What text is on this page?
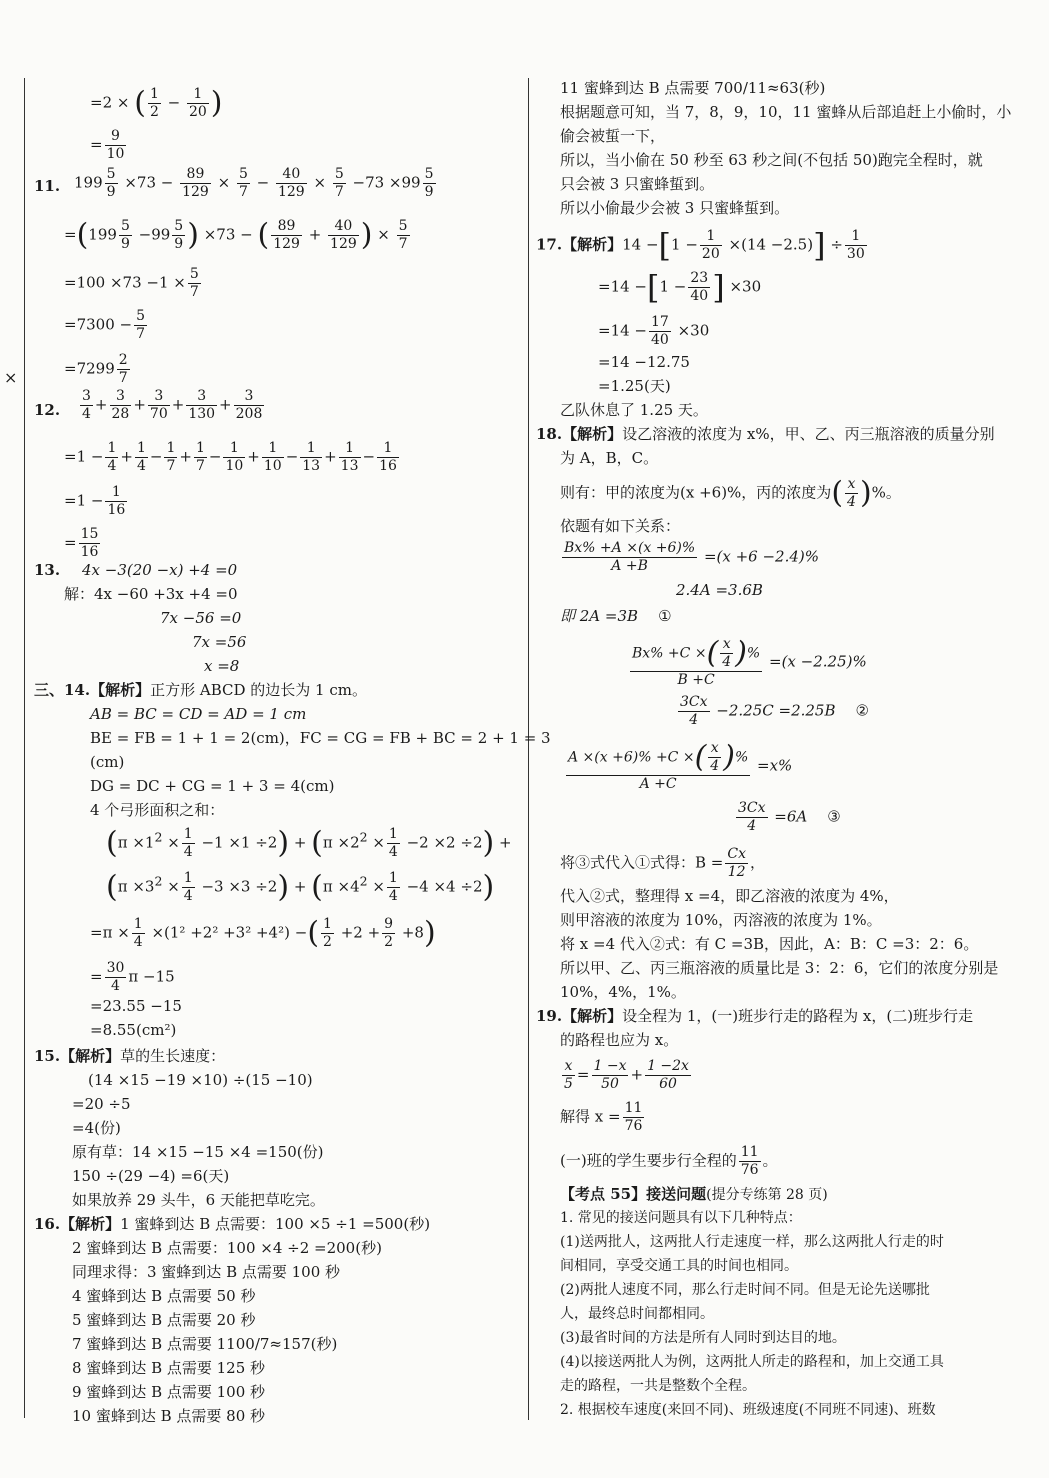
×
=2 × ( $\frac{1}{2} - \frac{1}{20}$ )
= $\frac{9}{10}$
11. $199 \frac{5}{9} \times 73 - \frac{89}{129} \times \frac{5}{7} - \frac{40}{129} \times \frac{5}{7} -73 \times 99 \frac{5}{9}$
$=(199 \frac{5}{9} -99 \frac{5}{9}$ ) ×73 − ( $\frac{89}{129} + \frac{40}{129}$ ) × $\frac{5}{7}$
$=100 \times 73 -1 \times \frac{5}{7}$
$=7300 - \frac{5}{7}$
$=7299 \frac{2}{7}$
12. $\frac{3}{4} + \frac{3}{28} + \frac{3}{70} + \frac{3}{130} + \frac{3}{208}$
$=1 - \frac{1}{4} + \frac{1}{4} - \frac{1}{7} + \frac{1}{7} - \frac{1}{10} + \frac{1}{10} - \frac{1}{13} + \frac{1}{13} - \frac{1}{16}$
$=1 - \frac{1}{16}$
= $\frac{15}{16}$
13. 4x −3(20 −x) +4 =0
解：4x −60 +3x +4 =0
7x −56 =0
7x =56
x =8
三、14.【解析】正方形 ABCD 的边长为 1 cm。
AB = BC = CD = AD = 1 cm
BE = FB = 1 + 1 = 2(cm)，FC = CG = FB + BC = 2 + 1 = 3
(cm)
DG = DC + CG = 1 + 3 = 4(cm)
4 个弓形面积之和：
$(\pi \times 1^2 \times \frac{1}{4} -1 \times 1 \div 2) + (\pi \times 2^2 \times \frac{1}{4} -2 \times 2 \div 2)$ +
$(\pi \times 3^2 \times \frac{1}{4} -3 \times 3 \div 2) + (\pi \times 4^2 \times \frac{1}{4} -4 \times 4 \div 2)$
$=\pi \times \frac{1}{4} \times(1^2 +2^2 +3^2 +4^2)$ −( $\frac{1}{2} +2 + \frac{9}{2} +8$)
= $\frac{30}{4}$ π −15
=23.55 −15
=8.55(cm²)
15.【解析】草的生长速度：
(14 ×15 −19 ×10) ÷(15 −10)
=20 ÷5
=4(份)
原有草：14 ×15 −15 ×4 =150(份)
150 ÷(29 −4) =6(天)
如果放养 29 头牛，6 天能把草吃完。
16.【解析】1 蜜蜂到达 B 点需要：100 ×5 ÷1 =500(秒)
2 蜜蜂到达 B 点需要：100 ×4 ÷2 =200(秒)
同理求得：3 蜜蜂到达 B 点需要 100 秒
4 蜜蜂到达 B 点需要 50 秒
5 蜜蜂到达 B 点需要 20 秒
7 蜜蜂到达 B 点需要 1100/7≈157(秒)
8 蜜蜂到达 B 点需要 125 秒
9 蜜蜂到达 B 点需要 100 秒
10 蜜蜂到达 B 点需要 80 秒
11 蜜蜂到达 B 点需要 700/11≈63(秒)
根据题意可知，当 7，8，9，10，11 蜜蜂从后部追赶上小偷时，小
偷会被蜇一下，
所以，当小偷在 50 秒至 63 秒之间(不包括 50)跑完全程时，就
只会被 3 只蜜蜂蜇到。
所以小偷最少会被 3 只蜜蜂蜇到。
17.【解析】$14 -[1 - \frac{1}{20} \times(14 -2.5)] \div \frac{1}{30}$
$=14 -[1 - \frac{23}{40}$ ] ×30
$=14 - \frac{17}{40} \times 30$
=14 −12.75
=1.25(天)
乙队休息了 1.25 天。
18.【解析】设乙溶液的浓度为 x%，甲、乙、丙三瓶溶液的质量分别
为 A，B，C。
则有：甲的浓度为(x +6)%，丙的浓度为( $\frac{x}{4}$ )%。
依题有如下关系：
$\frac{Bx\% +A \times(x +6)\%}{A +B} =(x +6 -2.4)\%$
2.4A =3.6B
即 2A =3B ①
$\frac{Bx\% +C \times( \frac{x}{4} )\%}{B +C} =(x -2.25)\%$
$\frac{3Cx}{4} -2.25C =2.25B$ ②
$\frac{A \times(x +6)\% +C \times( \frac{x}{4} )\%}{A +C} =x\%$
$\frac{3Cx}{4} =6A$ ③
将③式代入①式得：$B = \frac{Cx}{12}$ ，
代入②式，整理得 x =4，即乙溶液的浓度为 4%，
则甲溶液的浓度为 10%，丙溶液的浓度为 1%。
将 x =4 代入②式：有 C =3B，因此，A：B：C =3：2：6。
所以甲、乙、丙三瓶溶液的质量比是 3：2：6，它们的浓度分别是
10%，4%，1%。
19.【解析】设全程为 1，(一)班步行走的路程为 x，(二)班步行走
的路程也应为 x。
$\frac{x}{5} = \frac{1 -x}{50} + \frac{1 -2x}{60}$
解得 $x = \frac{11}{76}$
(一)班的学生要步行全程的 $\frac{11}{76}$ 。
【考点 55】接送问题(提分专练第 28 页)
1. 常见的接送问题具有以下几种特点：
(1)送两批人，这两批人行走速度一样，那么这两批人行走的时
间相同，享受交通工具的时间也相同。
(2)两批人速度不同，那么行走时间不同。但是无论先送哪批
人，最终总时间都相同。
(3)最省时间的方法是所有人同时到达目的地。
(4)以接送两批人为例，这两批人所走的路程和，加上交通工具
走的路程，一共是整数个全程。
2. 根据校车速度(来回不同)、班级速度(不同班不同速)、班数
